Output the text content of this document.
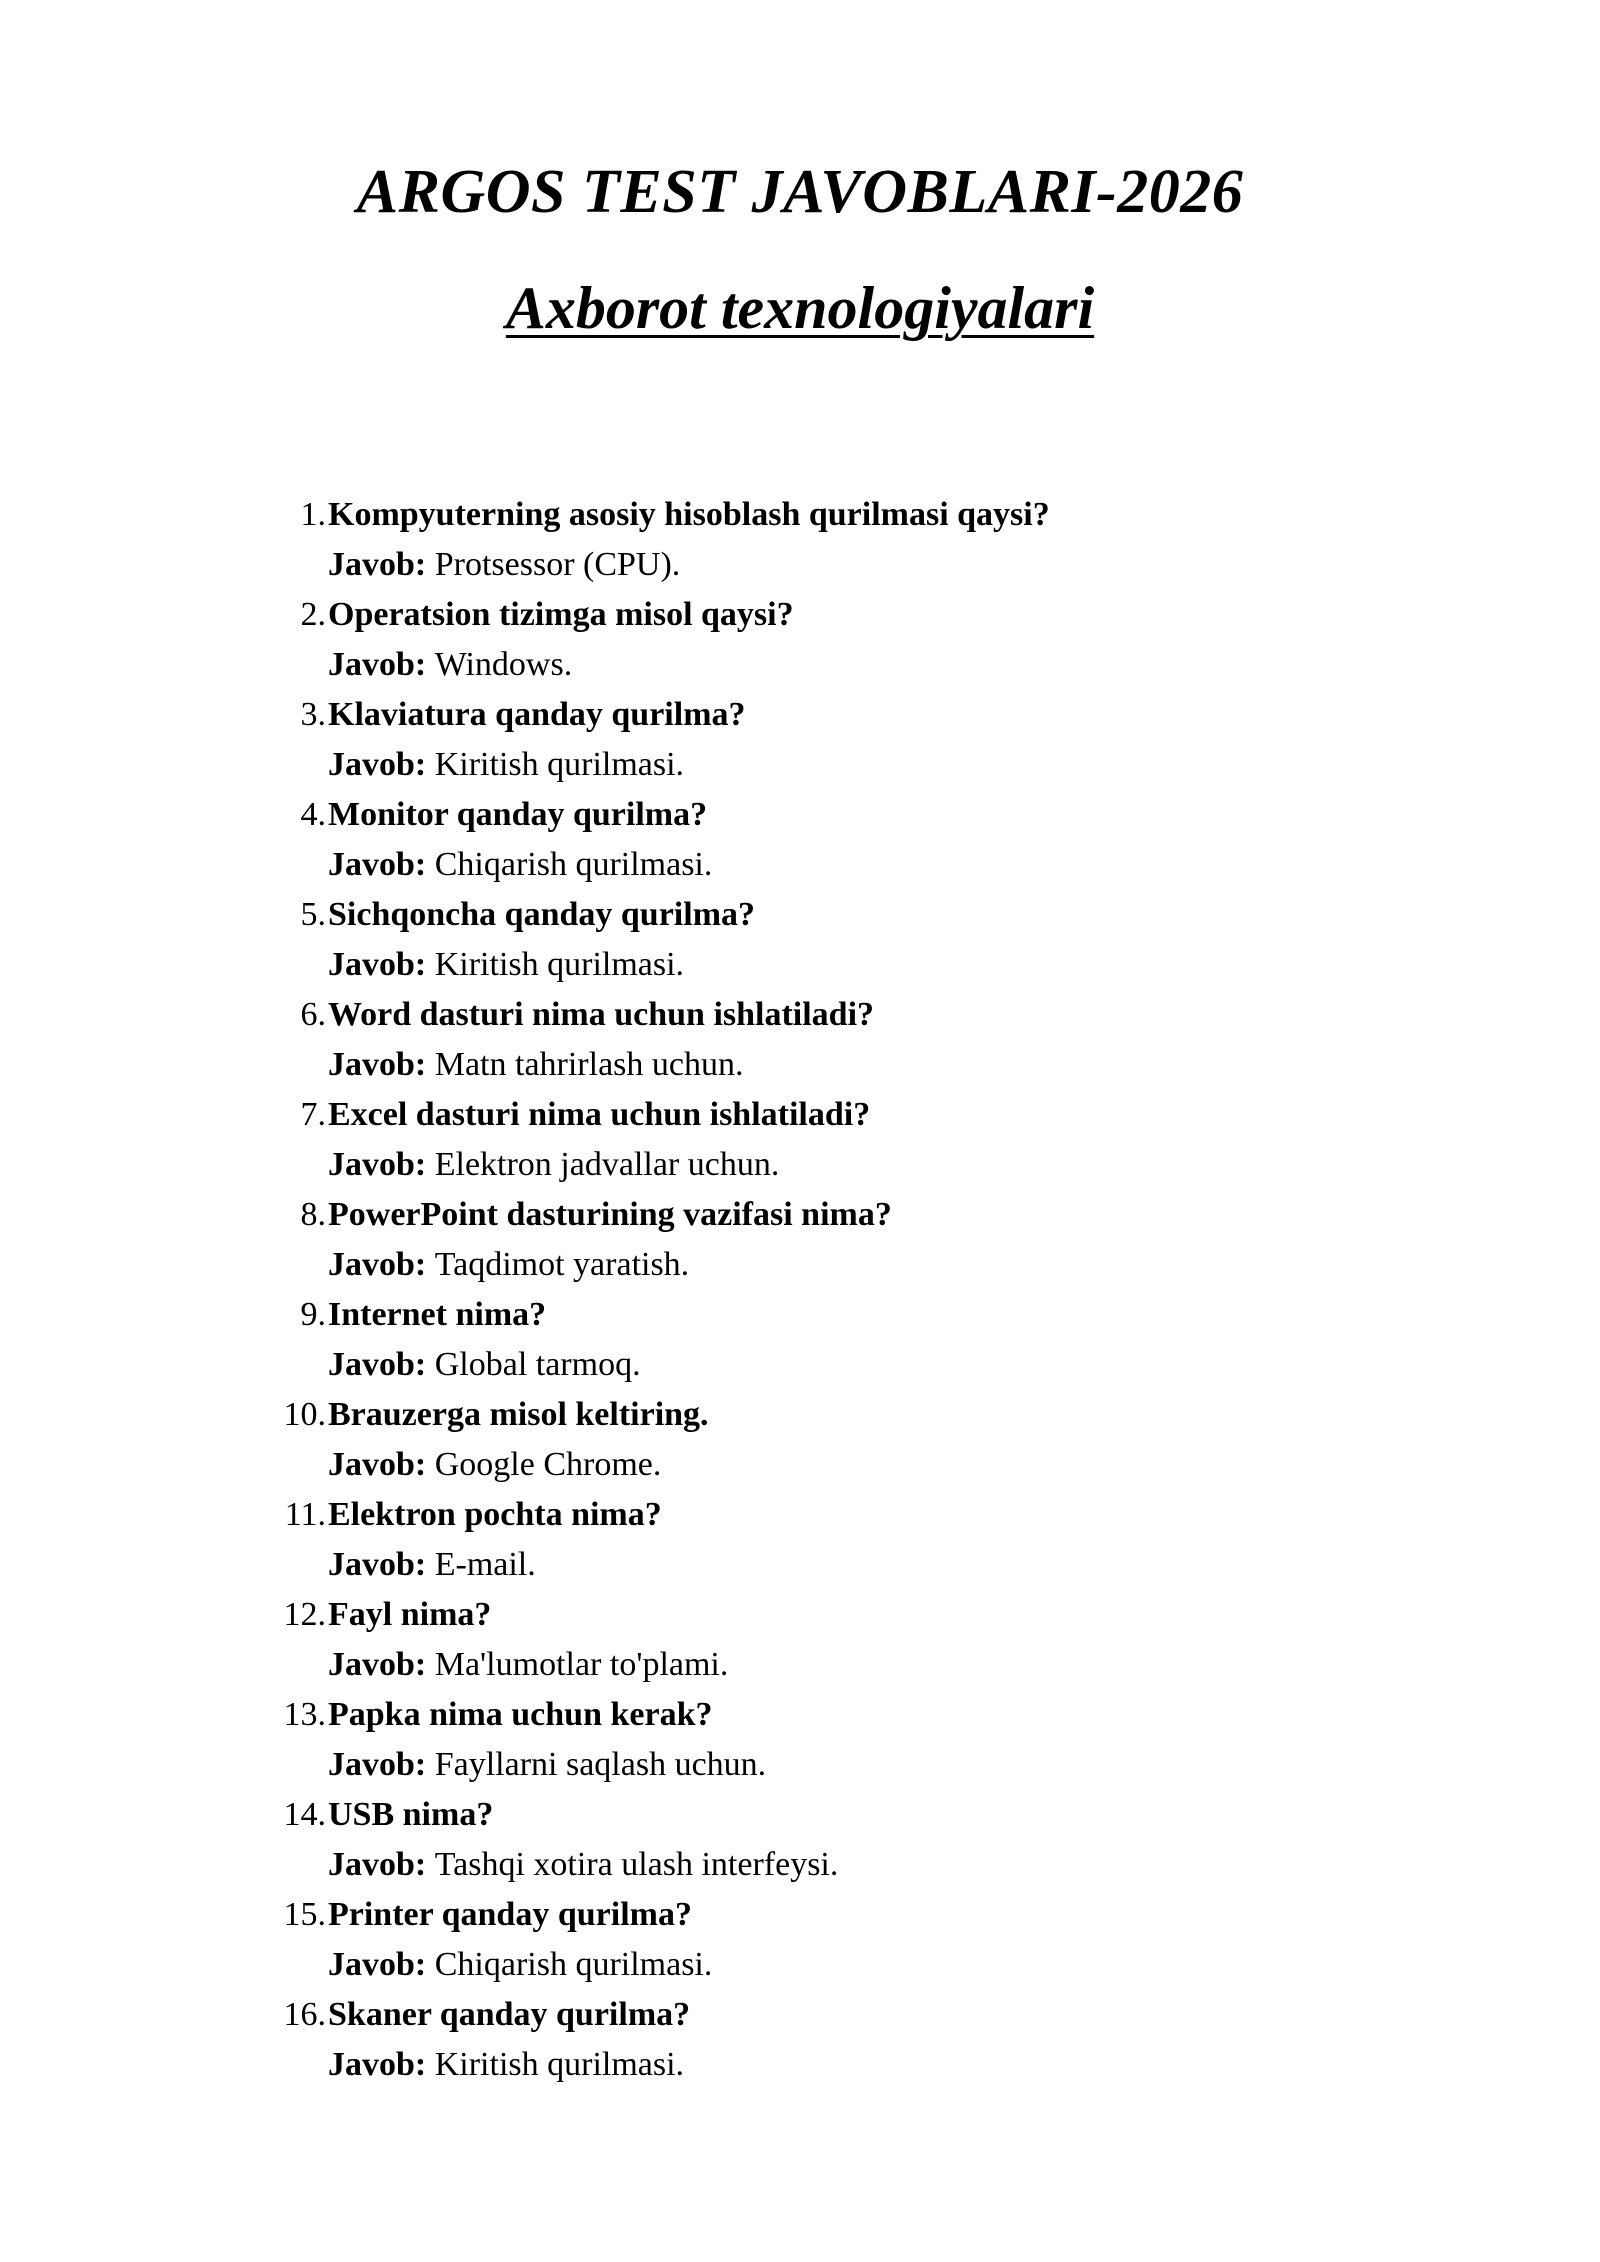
ARGOS TEST JAVOBLARI-2026
Axborot texnologiyalari
1. Kompyuterning asosiy hisoblash qurilmasi qaysi?
Javob:
Protsessor (CPU).
2. Operatsion tizimga misol qaysi?
Javob:
Windows.
3. Klaviatura qanday qurilma?
Javob:
Kiritish qurilmasi.
4. Monitor qanday qurilma?
Javob:
Chiqarish qurilmasi.
5. Sichqoncha qanday qurilma?
Javob:
Kiritish qurilmasi.
6. Word dasturi nima uchun ishlatiladi?
Javob:
Matn tahrirlash uchun.
7. Excel dasturi nima uchun ishlatiladi?
Javob:
Elektron jadvallar uchun.
8. PowerPoint dasturining vazifasi nima?
Javob:
Taqdimot yaratish.
9. Internet nima?
Javob:
Global tarmoq.
10. Brauzerga misol keltiring.
Javob:
Google Chrome.
11. Elektron pochta nima?
Javob:
E-mail.
12. Fayl nima?
Javob:
Ma'lumotlar to'plami.
13. Papka nima uchun kerak?
Javob:
Fayllarni saqlash uchun.
14. USB nima?
Javob:
Tashqi xotira ulash interfeysi.
15. Printer qanday qurilma?
Javob:
Chiqarish qurilmasi.
16. Skaner qanday qurilma?
Javob:
Kiritish qurilmasi.
